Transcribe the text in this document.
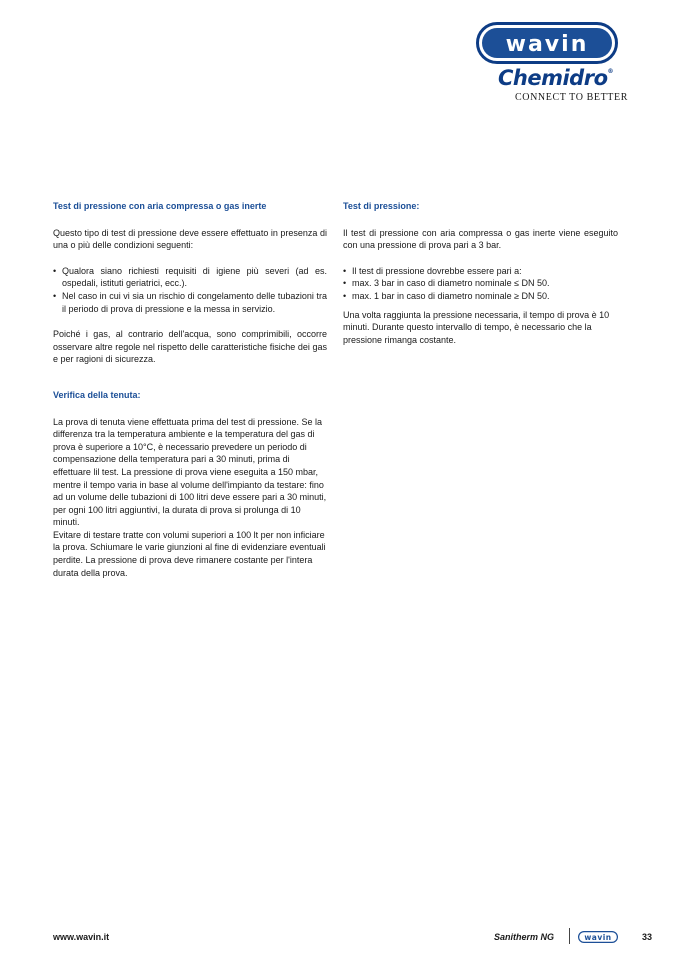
wavin
Chemidro®
CONNECT TO BETTER
Test di pressione con aria compressa o gas inerte

Questo tipo di test di pressione deve essere effettuato in presenza di una o più delle condizioni seguenti:

• Qualora siano richiesti requisiti di igiene più severi (ad es. ospedali, istituti geriatrici, ecc.).
• Nel caso in cui vi sia un rischio di congelamento delle tubazioni tra il periodo di prova di pressione e la messa in servizio.

Poiché i gas, al contrario dell'acqua, sono comprimibili, occorre osservare altre regole nel rispetto delle caratteristiche fisiche dei gas e per ragioni di sicurezza.

Verifica della tenuta:

La prova di tenuta viene effettuata prima del test di pressione. Se la differenza tra la temperatura ambiente e la temperatura del gas di prova è superiore a 10°C, è necessario prevedere un periodo di compensazione della temperatura pari a 30 minuti, prima di effettuare lil test. La pressione di prova viene eseguita a 150 mbar, mentre il tempo varia in base al volume dell'impianto da testare: fino ad un volume delle tubazioni di 100 litri deve essere pari a 30 minuti, per ogni 100 litri aggiuntivi, la durata di prova si prolunga di 10 minuti.

Evitare di testare tratte con volumi superiori a 100 lt per non inficiare la prova. Schiumare le varie giunzioni al fine di evidenziare eventuali perdite. La pressione di prova deve rimanere costante per l'intera durata della prova.

Test di pressione:

Il test di pressione con aria compressa o gas inerte viene eseguito con una pressione di prova pari a 3 bar.

• Il test di pressione dovrebbe essere pari a:
• max. 3 bar in caso di diametro nominale ≤ DN 50.
• max. 1 bar in caso di diametro nominale ≥ DN 50.

Una volta raggiunta la pressione necessaria, il tempo di prova è 10 minuti. Durante questo intervallo di tempo, è necessario che la pressione rimanga costante.

www.wavin.it	Sanitherm NG	wavin	33
